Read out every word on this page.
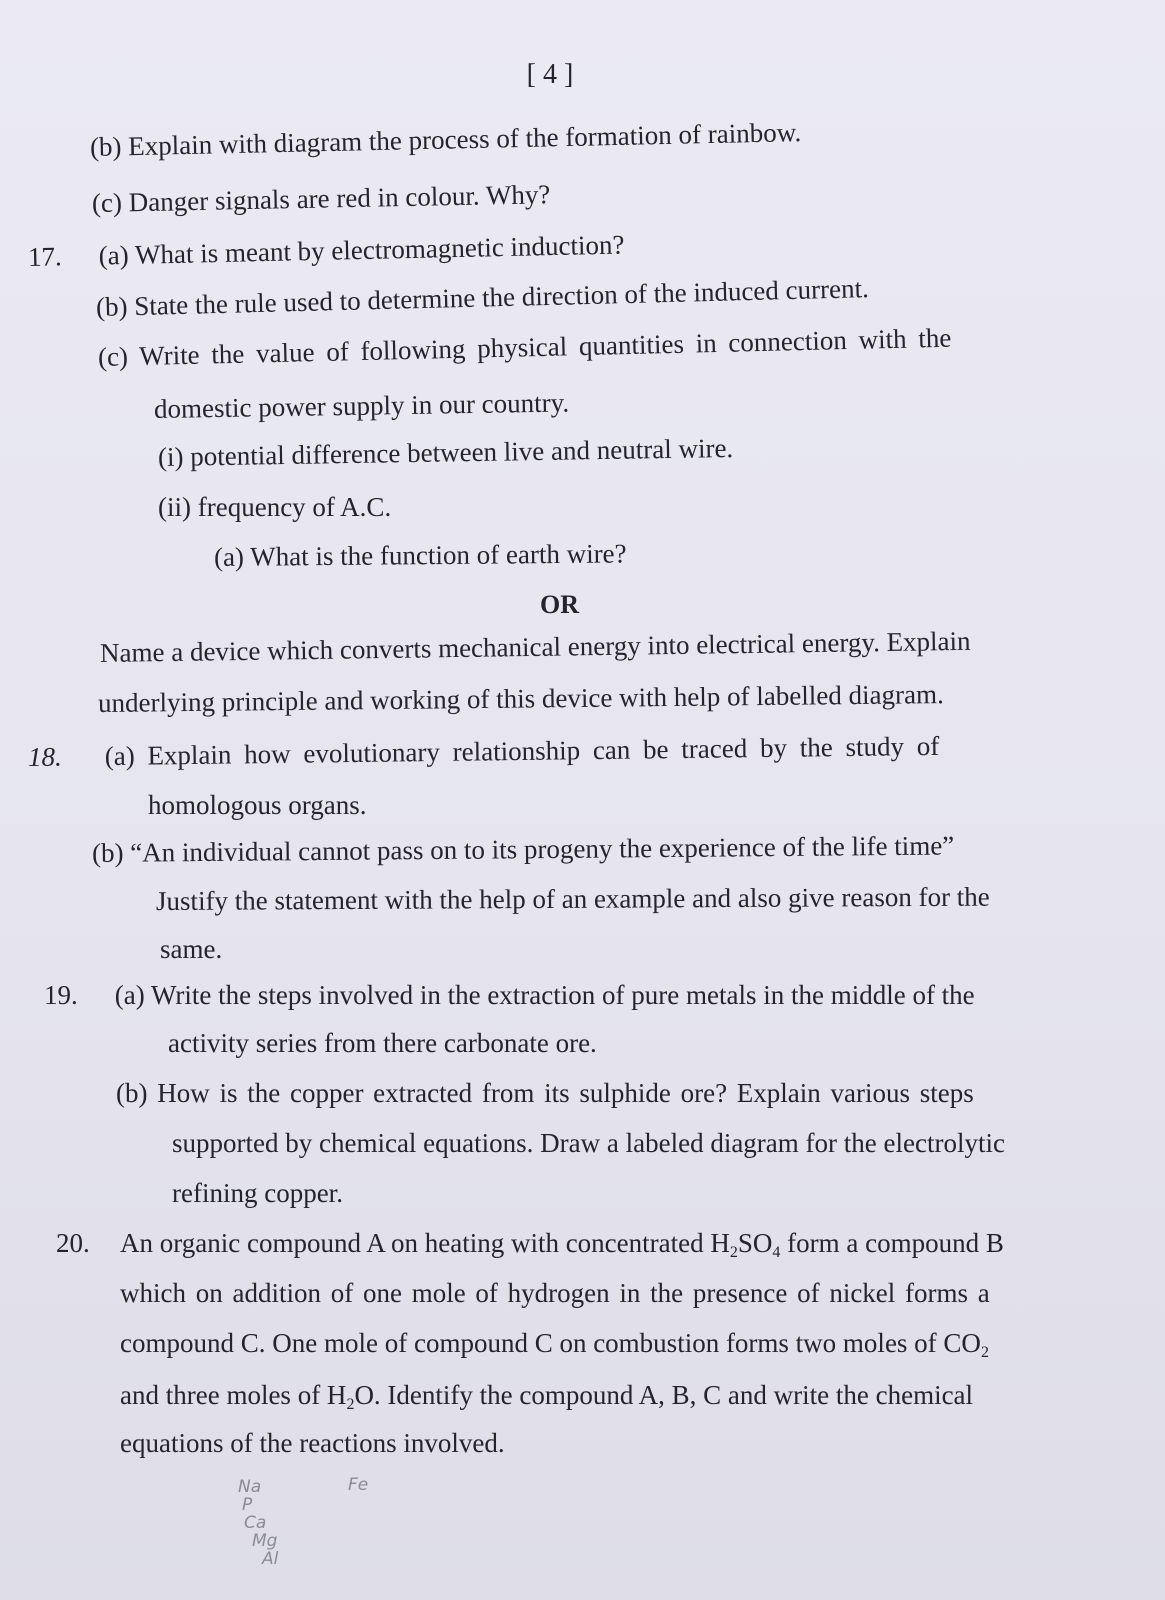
[ 4 ]
(b) Explain with diagram the process of the formation of rainbow.
(c) Danger signals are red in colour. Why?
17. (a) What is meant by electromagnetic induction?
(b) State the rule used to determine the direction of the induced current.
(c) Write the value of following physical quantities in connection with the
domestic power supply in our country.
(i) potential difference between live and neutral wire.
(ii) frequency of A.C.
(a) What is the function of earth wire?
OR
Name a device which converts mechanical energy into electrical energy. Explain
underlying principle and working of this device with help of labelled diagram.
18. (a) Explain how evolutionary relationship can be traced by the study of
homologous organs.
(b) “An individual cannot pass on to its progeny the experience of the life time”
Justify the statement with the help of an example and also give reason for the
same.
19. (a) Write the steps involved in the extraction of pure metals in the middle of the
activity series from there carbonate ore.
(b) How is the copper extracted from its sulphide ore? Explain various steps
supported by chemical equations. Draw a labeled diagram for the electrolytic
refining copper.
20. An organic compound A on heating with concentrated $H_2SO_4$ form a compound B
which on addition of one mole of hydrogen in the presence of nickel forms a
compound C. One mole of compound C on combustion forms two moles of $CO_2$
and three moles of $H_2O$. Identify the compound A, B, C and write the chemical
equations of the reactions involved.
Na
P
Ca
Mg
Al
Fe
